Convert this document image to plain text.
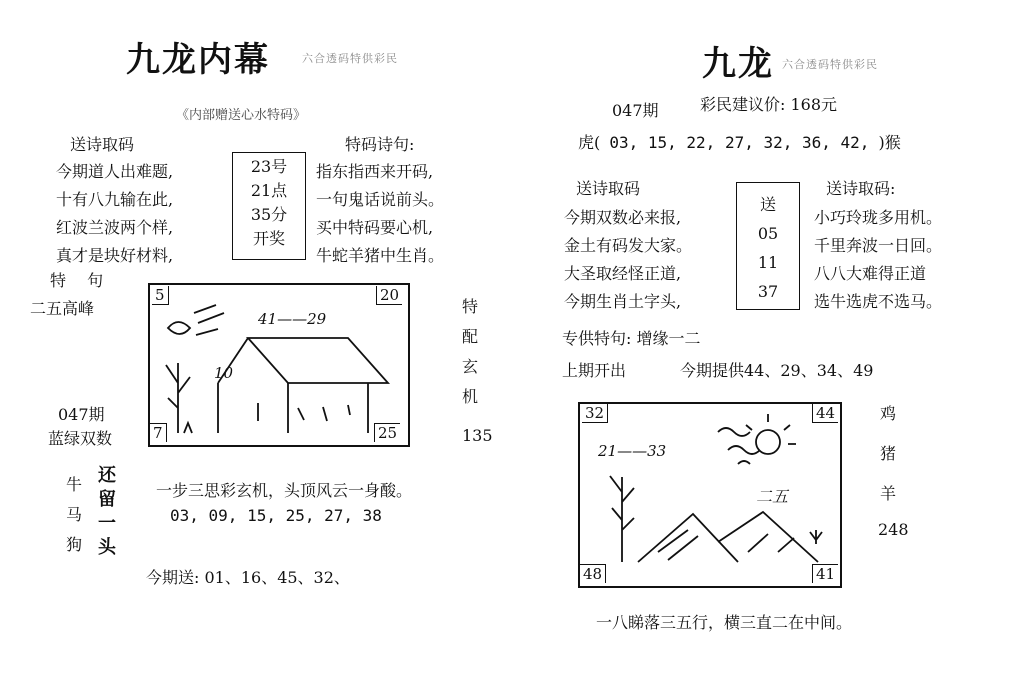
九龙内幕	六合透码特供彩民
《内部赠送心水特码》
送诗取码	特码诗句:
今期道人出难题,
十有八九输在此,
红波兰波两个样,
真才是块好材料,
23号
21点
35分
开奖
指东指西来开码,
一句鬼话说前头。
买中特码要心机,
牛蛇羊猪中生肖。
特 句
二五高峰
047期
蓝绿双数
5	20
7	25
41——29
10
特
配
玄
机
135
牛
马
狗
还
留
一
头
一步三思彩玄机，头顶风云一身酸。
03, 09, 15, 25, 27, 38
今期送: 01、16、45、32、
九龙 六合透码特供彩民
047期	彩民建议价: 168元
虎( 03, 15, 22, 27, 32, 36, 42, )猴
送诗取码	送诗取码:
今期双数必来报,
金土有码发大家。
大圣取经怪正道,
今期生肖土字头,
送
05
11
37
小巧玲珑多用机。
千里奔波一日回。
八八大难得正道
选牛选虎不选马。
专供特句: 增缘一二
上期开出	今期提供44、29、34、49
32	44
48	41
21——33
二五
鸡
猪
羊
248
一八睇落三五行，横三直二在中间。
